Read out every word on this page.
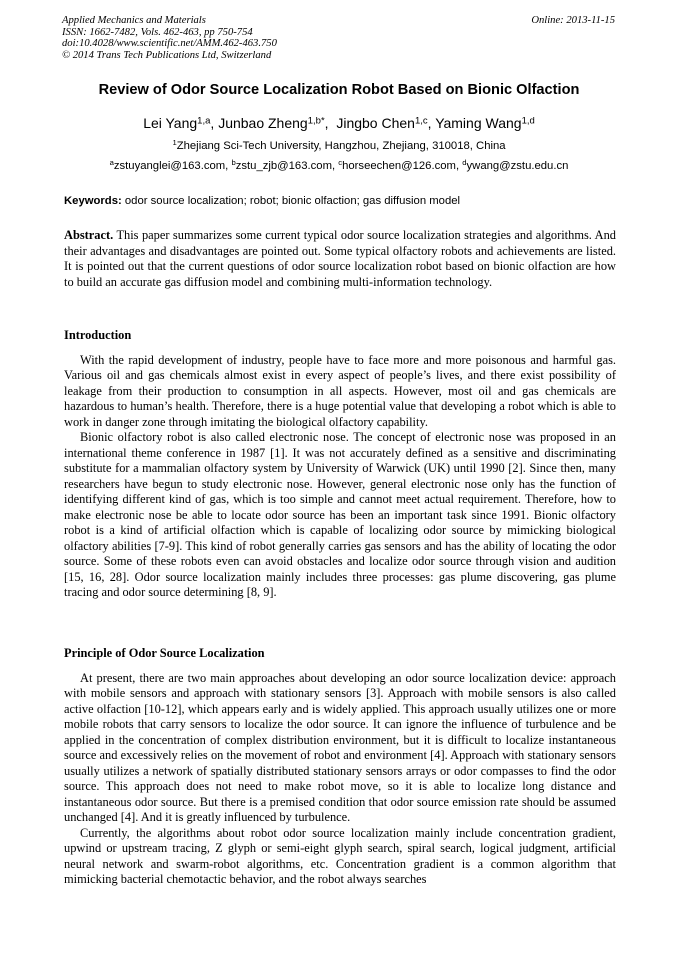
Applied Mechanics and Materials
ISSN: 1662-7482, Vols. 462-463, pp 750-754
doi:10.4028/www.scientific.net/AMM.462-463.750
© 2014 Trans Tech Publications Ltd, Switzerland
Online: 2013-11-15
Review of Odor Source Localization Robot Based on Bionic Olfaction
Lei Yang$^{1,a}$, Junbao Zheng$^{1,b*}$,  Jingbo Chen$^{1,c}$, Yaming Wang$^{1,d}$
$^1$Zhejiang Sci-Tech University, Hangzhou, Zhejiang, 310018, China
$^a$zstuyanglei@163.com, $^b$zstu_zjb@163.com, $^c$horseechen@126.com, $^d$ywang@zstu.edu.cn
Keywords: odor source localization; robot; bionic olfaction; gas diffusion model

Abstract. This paper summarizes some current typical odor source localization strategies and algorithms. And their advantages and disadvantages are pointed out. Some typical olfactory robots and achievements are listed. It is pointed out that the current questions of odor source localization robot based on bionic olfaction are how to build an accurate gas diffusion model and combining multi-information technology.

Introduction

With the rapid development of industry, people have to face more and more poisonous and harmful gas. Various oil and gas chemicals almost exist in every aspect of people’s lives, and there exist possibility of leakage from their production to consumption in all aspects. However, most oil and gas chemicals are hazardous to human’s health. Therefore, there is a huge potential value that developing a robot which is able to work in danger zone through imitating the biological olfactory capability.

Bionic olfactory robot is also called electronic nose. The concept of electronic nose was proposed in an international theme conference in 1987 [1]. It was not accurately defined as a sensitive and discriminating substitute for a mammalian olfactory system by University of Warwick (UK) until 1990 [2]. Since then, many researchers have begun to study electronic nose. However, general electronic nose only has the function of identifying different kind of gas, which is too simple and cannot meet actual requirement. Therefore, how to make electronic nose be able to locate odor source has been an important task since 1991. Bionic olfactory robot is a kind of artificial olfaction which is capable of localizing odor source by mimicking biological olfactory abilities [7-9]. This kind of robot generally carries gas sensors and has the ability of locating the odor source. Some of these robots even can avoid obstacles and localize odor source through vision and audition [15, 16, 28]. Odor source localization mainly includes three processes: gas plume discovering, gas plume tracing and odor source determining [8, 9].

Principle of Odor Source Localization

At present, there are two main approaches about developing an odor source localization device: approach with mobile sensors and approach with stationary sensors [3]. Approach with mobile sensors is also called active olfaction [10-12], which appears early and is widely applied. This approach usually utilizes one or more mobile robots that carry sensors to localize the odor source. It can ignore the influence of turbulence and be applied in the concentration of complex distribution environment, but it is difficult to localize instantaneous source and excessively relies on the movement of robot and environment [4]. Approach with stationary sensors usually utilizes a network of spatially distributed stationary sensors arrays or odor compasses to find the odor source. This approach does not need to make robot move, so it is able to localize long distance and instantaneous odor source. But there is a premised condition that odor source emission rate should be assumed unchanged [4]. And it is greatly influenced by turbulence.

Currently, the algorithms about robot odor source localization mainly include concentration gradient, upwind or upstream tracing, Z glyph or semi-eight glyph search, spiral search, logical judgment, artificial neural network and swarm-robot algorithms, etc. Concentration gradient is a common algorithm that mimicking bacterial chemotactic behavior, and the robot always searches
